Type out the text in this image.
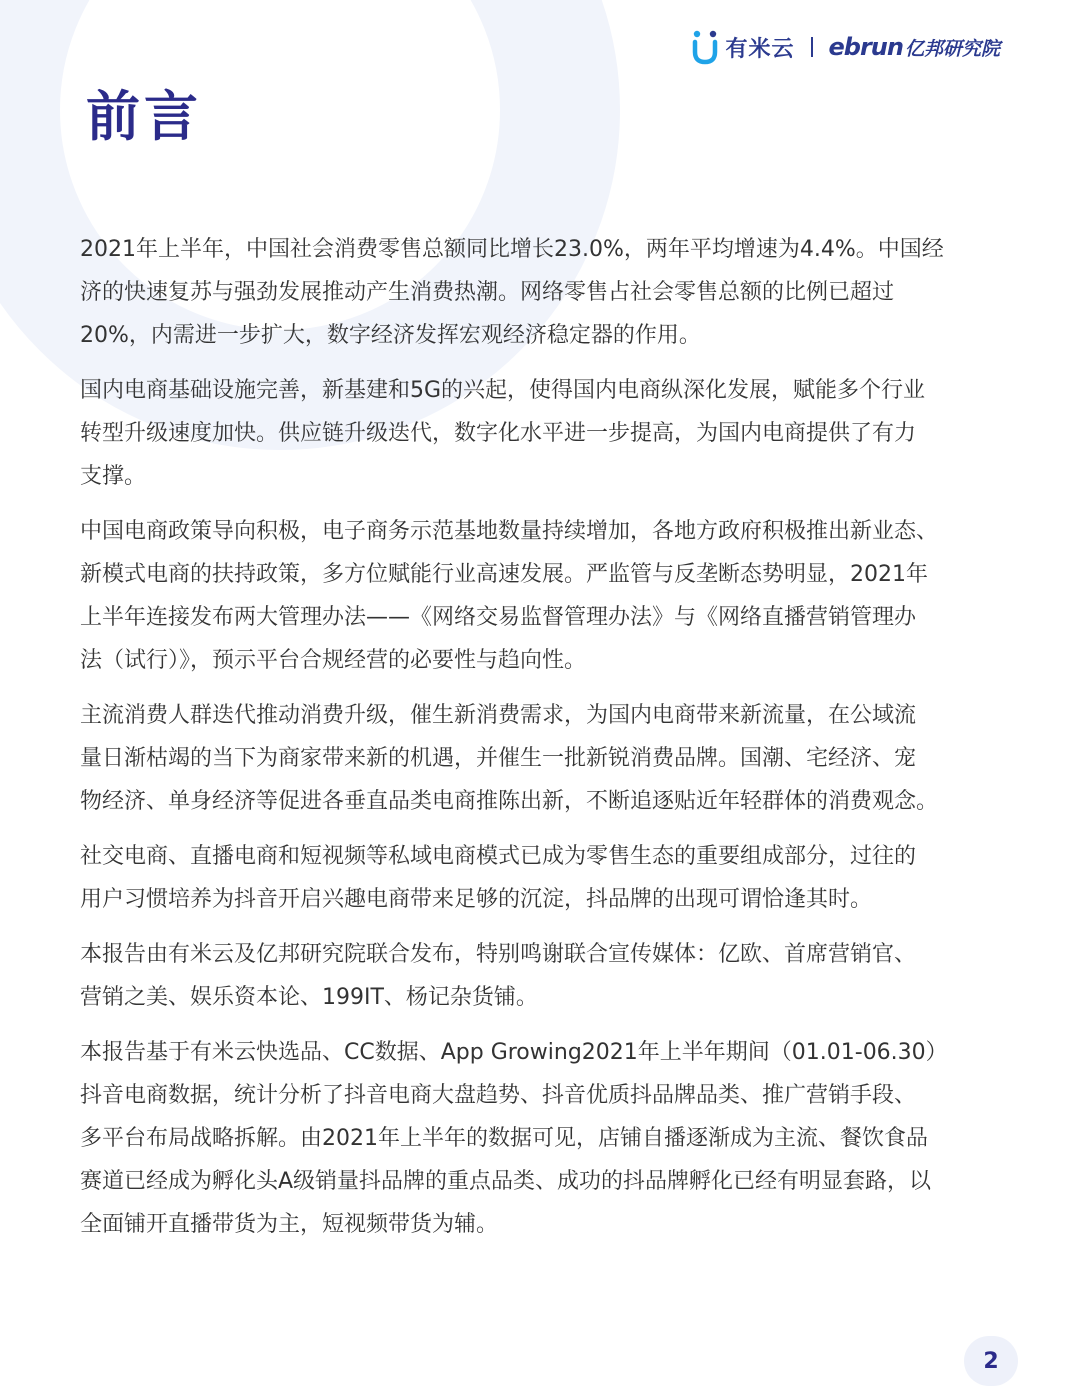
有米云 ebrun 亿邦研究院
前言

2021年上半年，中国社会消费零售总额同比增长23.0%，两年平均增速为4.4%。中国经
济的快速复苏与强劲发展推动产生消费热潮。网络零售占社会零售总额的比例已超过
20%，内需进一步扩大，数字经济发挥宏观经济稳定器的作用。

国内电商基础设施完善，新基建和5G的兴起，使得国内电商纵深化发展，赋能多个行业
转型升级速度加快。供应链升级迭代，数字化水平进一步提高，为国内电商提供了有力
支撑。

中国电商政策导向积极，电子商务示范基地数量持续增加，各地方政府积极推出新业态、
新模式电商的扶持政策，多方位赋能行业高速发展。严监管与反垄断态势明显，2021年
上半年连接发布两大管理办法——《网络交易监督管理办法》与《网络直播营销管理办
法（试行）》，预示平台合规经营的必要性与趋向性。

主流消费人群迭代推动消费升级，催生新消费需求，为国内电商带来新流量，在公域流
量日渐枯竭的当下为商家带来新的机遇，并催生一批新锐消费品牌。国潮、宅经济、宠
物经济、单身经济等促进各垂直品类电商推陈出新，不断追逐贴近年轻群体的消费观念。

社交电商、直播电商和短视频等私域电商模式已成为零售生态的重要组成部分，过往的
用户习惯培养为抖音开启兴趣电商带来足够的沉淀，抖品牌的出现可谓恰逢其时。

本报告由有米云及亿邦研究院联合发布，特别鸣谢联合宣传媒体：亿欧、首席营销官、
营销之美、娱乐资本论、199IT、杨记杂货铺。

本报告基于有米云快选品、CC数据、App Growing2021年上半年期间（01.01-06.30）
抖音电商数据，统计分析了抖音电商大盘趋势、抖音优质抖品牌品类、推广营销手段、
多平台布局战略拆解。由2021年上半年的数据可见，店铺自播逐渐成为主流、餐饮食品
赛道已经成为孵化头A级销量抖品牌的重点品类、成功的抖品牌孵化已经有明显套路，以
全面铺开直播带货为主，短视频带货为辅。

2
